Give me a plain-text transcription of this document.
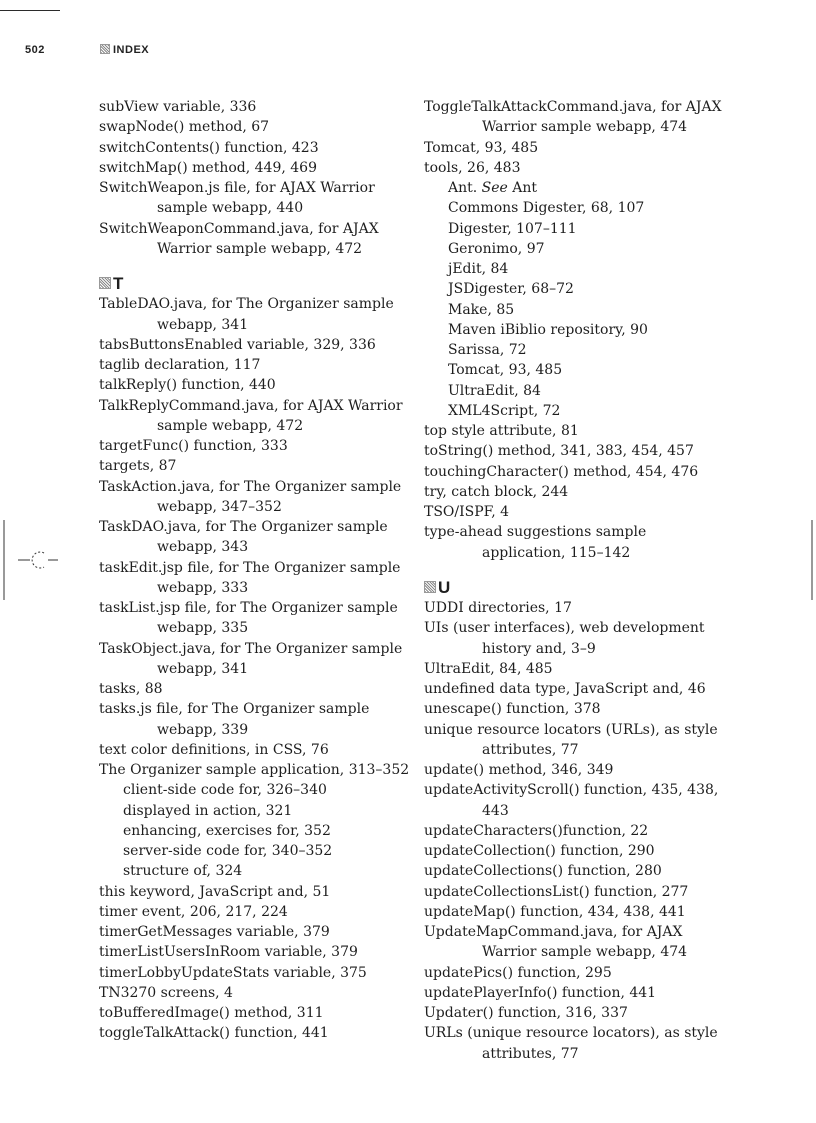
502	INDEX
subView variable, 336
swapNode() method, 67
switchContents() function, 423
switchMap() method, 449, 469
SwitchWeapon.js file, for AJAX Warrior
sample webapp, 440
SwitchWeaponCommand.java, for AJAX
Warrior sample webapp, 472
T
TableDAO.java, for The Organizer sample
webapp, 341
tabsButtonsEnabled variable, 329, 336
taglib declaration, 117
talkReply() function, 440
TalkReplyCommand.java, for AJAX Warrior
sample webapp, 472
targetFunc() function, 333
targets, 87
TaskAction.java, for The Organizer sample
webapp, 347–352
TaskDAO.java, for The Organizer sample
webapp, 343
taskEdit.jsp file, for The Organizer sample
webapp, 333
taskList.jsp file, for The Organizer sample
webapp, 335
TaskObject.java, for The Organizer sample
webapp, 341
tasks, 88
tasks.js file, for The Organizer sample
webapp, 339
text color definitions, in CSS, 76
The Organizer sample application, 313–352
client-side code for, 326–340
displayed in action, 321
enhancing, exercises for, 352
server-side code for, 340–352
structure of, 324
this keyword, JavaScript and, 51
timer event, 206, 217, 224
timerGetMessages variable, 379
timerListUsersInRoom variable, 379
timerLobbyUpdateStats variable, 375
TN3270 screens, 4
toBufferedImage() method, 311
toggleTalkAttack() function, 441
ToggleTalkAttackCommand.java, for AJAX
Warrior sample webapp, 474
Tomcat, 93, 485
tools, 26, 483
Ant. See Ant
Commons Digester, 68, 107
Digester, 107–111
Geronimo, 97
jEdit, 84
JSDigester, 68–72
Make, 85
Maven iBiblio repository, 90
Sarissa, 72
Tomcat, 93, 485
UltraEdit, 84
XML4Script, 72
top style attribute, 81
toString() method, 341, 383, 454, 457
touchingCharacter() method, 454, 476
try, catch block, 244
TSO/ISPF, 4
type-ahead suggestions sample
application, 115–142
U
UDDI directories, 17
UIs (user interfaces), web development
history and, 3–9
UltraEdit, 84, 485
undefined data type, JavaScript and, 46
unescape() function, 378
unique resource locators (URLs), as style
attributes, 77
update() method, 346, 349
updateActivityScroll() function, 435, 438,
443
updateCharacters()function, 22
updateCollection() function, 290
updateCollections() function, 280
updateCollectionsList() function, 277
updateMap() function, 434, 438, 441
UpdateMapCommand.java, for AJAX
Warrior sample webapp, 474
updatePics() function, 295
updatePlayerInfo() function, 441
Updater() function, 316, 337
URLs (unique resource locators), as style
attributes, 77
